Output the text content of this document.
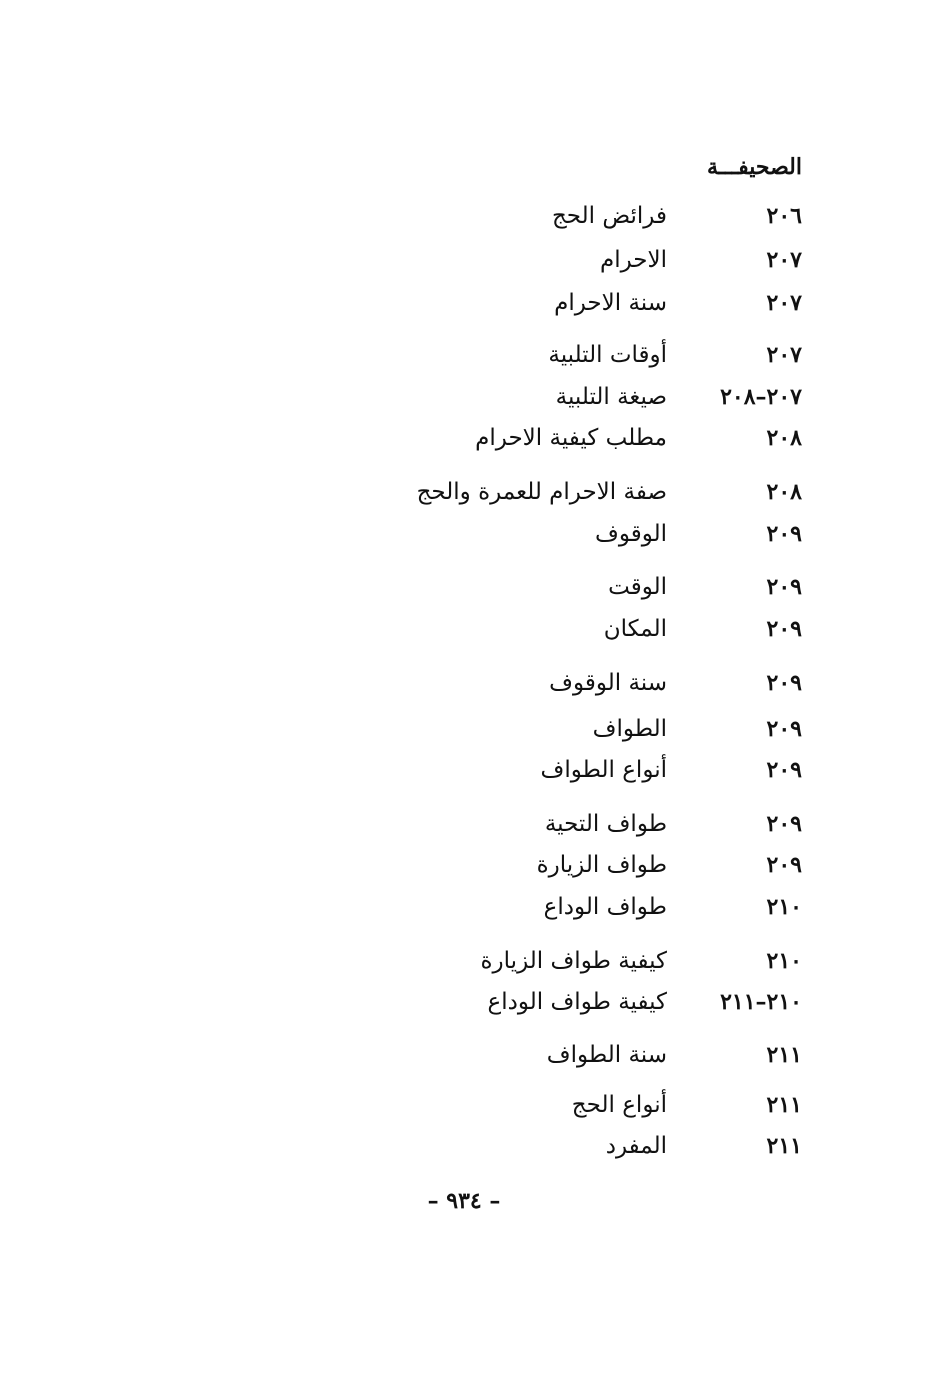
الصحيفـــة
٢٠٦
فرائض الحج
٢٠٧
الاحرام
٢٠٧
سنة الاحرام
٢٠٧
أوقات التلبية
٢٠٧–٢٠٨
صيغة التلبية
٢٠٨
مطلب كيفية الاحرام
٢٠٨
صفة الاحرام للعمرة والحج
٢٠٩
الوقوف
٢٠٩
الوقت
٢٠٩
المكان
٢٠٩
سنة الوقوف
٢٠٩
الطواف
٢٠٩
أنواع الطواف
٢٠٩
طواف التحية
٢٠٩
طواف الزيارة
٢١٠
طواف الوداع
٢١٠
كيفية طواف الزيارة
٢١٠–٢١١
كيفية طواف الوداع
٢١١
سنة الطواف
٢١١
أنواع الحج
٢١١
المفرد
– ٩٣٤ –
